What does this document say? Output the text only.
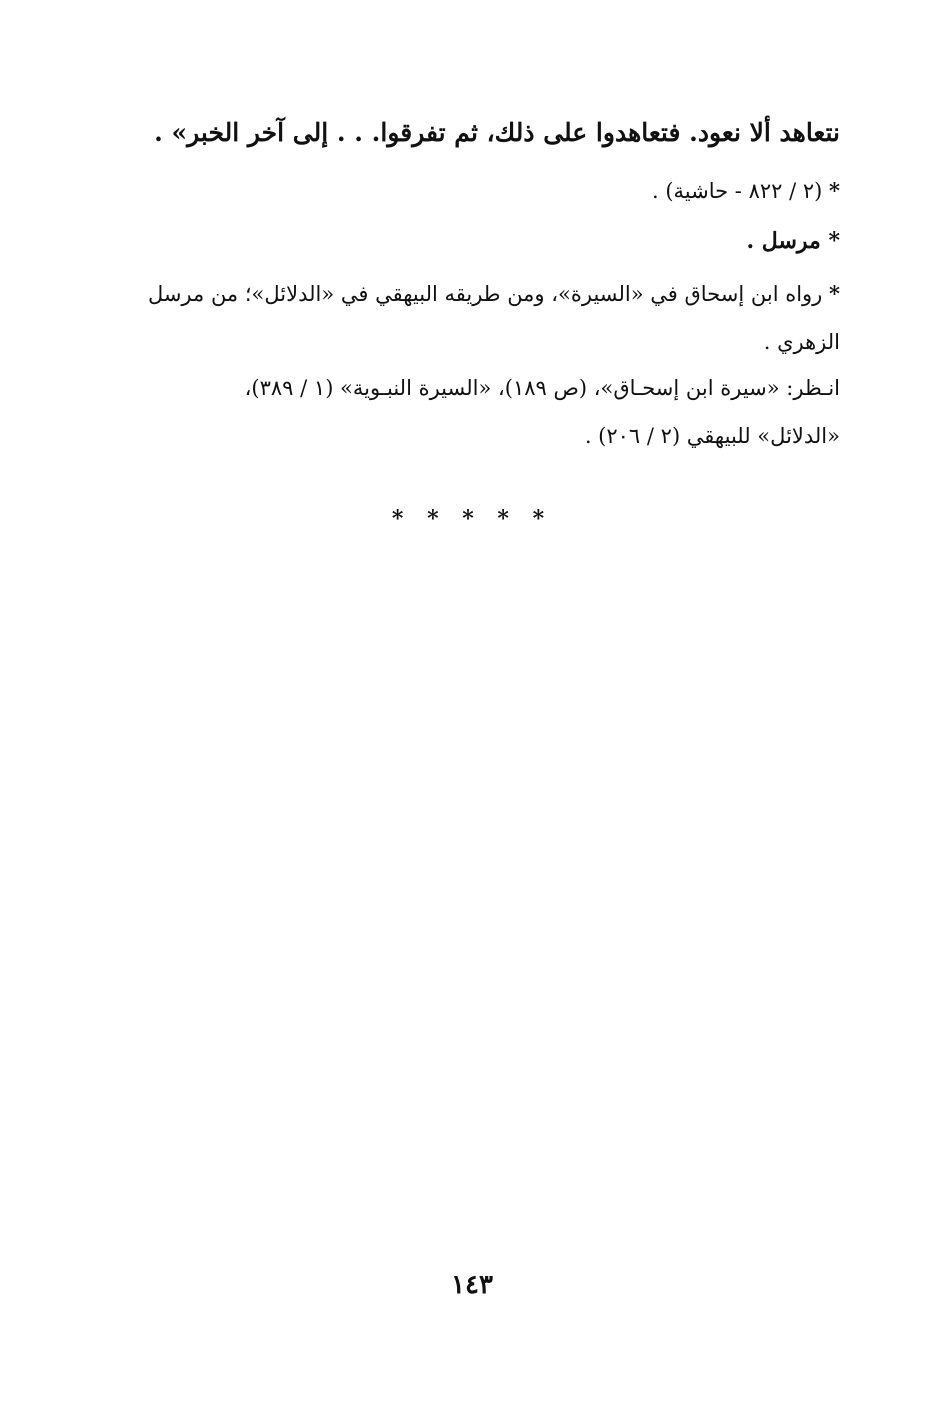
نتعاهد ألا نعود. فتعاهدوا على ذلك، ثم تفرقوا. . . إلى آخر الخبر» .
* (٢ / ٨٢٢ - حاشية) .
* مرسل .
* رواه ابن إسحاق في «السيرة»، ومن طريقه البيهقي في «الدلائل»؛ من مرسل الزهري .
انـظر: «سيرة ابن إسحـاق»، (ص ١٨٩)، «السيرة النبـوية» (١ / ٣٨٩)،
«الدلائل» للبيهقي (٢ / ٢٠٦) .
* * * * *
١٤٣
